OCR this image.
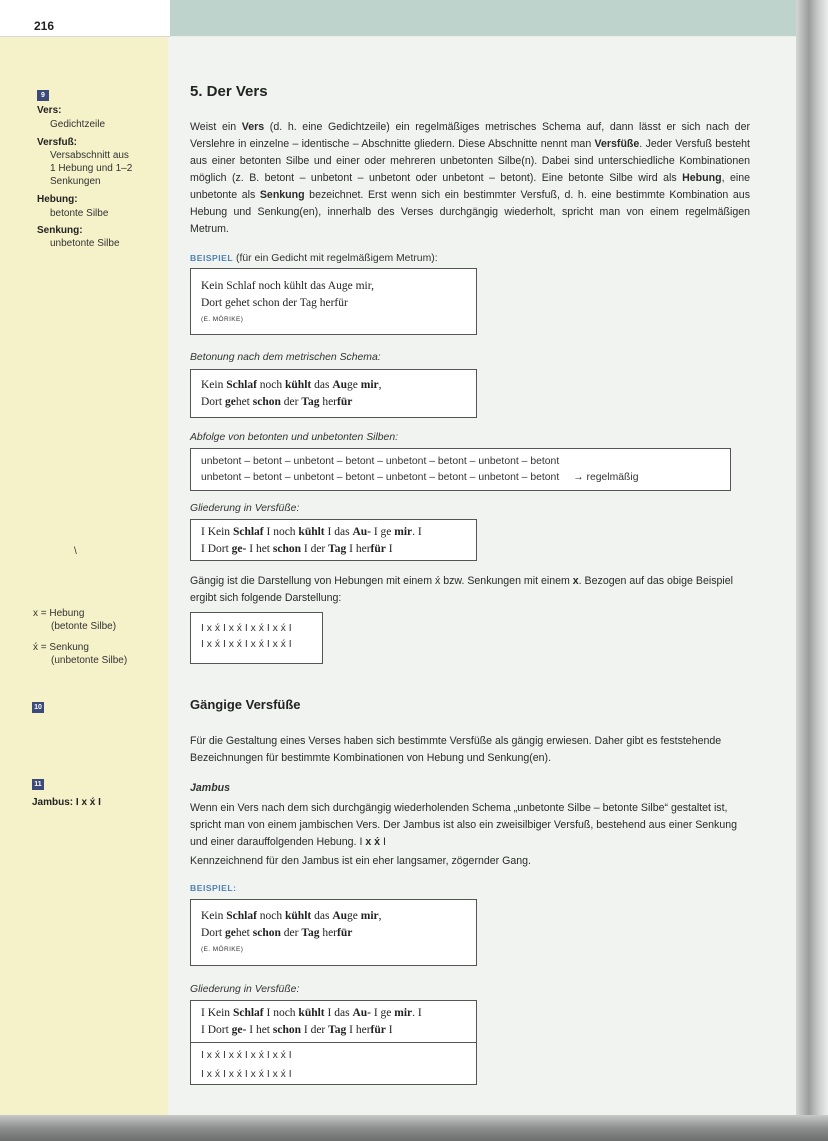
216
9
Vers:
Gedichtzeile
Versfuß:
Versabschnitt aus
1 Hebung und 1–2
Senkungen
Hebung:
betonte Silbe
Senkung:
unbetonte Silbe
\
x = Hebung
(betonte Silbe)
x́ = Senkung
(unbetonte Silbe)
10
11
Jambus: I x x́ I
5. Der Vers
Weist ein Vers (d. h. eine Gedichtzeile) ein regelmäßiges metrisches Schema auf, dann lässt er sich nach der Verslehre in einzelne – identische – Abschnitte gliedern. Diese Abschnitte nennt man Versfüße. Jeder Versfuß besteht aus einer betonten Silbe und einer oder mehreren unbetonten Silbe(n). Dabei sind unterschiedliche Kombinationen möglich (z. B. betont – unbetont – unbetont oder unbetont – betont). Eine betonte Silbe wird als Hebung, eine unbetonte als Senkung bezeichnet. Erst wenn sich ein bestimmter Versfuß, d. h. eine bestimmte Kombination aus Hebung und Senkung(en), innerhalb des Verses durchgängig wiederholt, spricht man von einem regelmäßigen Metrum.
BEISPIEL (für ein Gedicht mit regelmäßigem Metrum):
Kein Schlaf noch kühlt das Auge mir,
Dort gehet schon der Tag herfür
(E. MÖRIKE)
Betonung nach dem metrischen Schema:
Kein Schlaf noch kühlt das Auge mir,
Dort gehet schon der Tag herfür
Abfolge von betonten und unbetonten Silben:
unbetont – betont – unbetont – betont – unbetont – betont – unbetont – betont
unbetont – betont – unbetont – betont – unbetont – betont – unbetont – betont → regelmäßig
Gliederung in Versfüße:
I Kein Schlaf I noch kühlt I das Au- I ge mir. I
I Dort ge- I het schon I der Tag I herfür I
Gängig ist die Darstellung von Hebungen mit einem x́ bzw. Senkungen mit einem x. Bezogen auf das obige Beispiel ergibt sich folgende Darstellung:
I x x́ I x x́ I x x́ I x x́ I
I x x́ I x x́ I x x́ I x x́ I
Gängige Versfüße
Für die Gestaltung eines Verses haben sich bestimmte Versfüße als gängig erwiesen. Daher gibt es feststehende Bezeichnungen für bestimmte Kombinationen von Hebung und Senkung(en).
Jambus
Wenn ein Vers nach dem sich durchgängig wiederholenden Schema „unbetonte Silbe – betonte Silbe“ gestaltet ist, spricht man von einem jambischen Vers. Der Jambus ist also ein zweisilbiger Versfuß, bestehend aus einer Senkung und einer darauffolgenden Hebung. I x x́ I
Kennzeichnend für den Jambus ist ein eher langsamer, zögernder Gang.
BEISPIEL:
Kein Schlaf noch kühlt das Auge mir,
Dort gehet schon der Tag herfür
(E. MÖRIKE)
Gliederung in Versfüße:
I Kein Schlaf I noch kühlt I das Au- I ge mir. I
I Dort ge- I het schon I der Tag I herfür I
I x x́ I x x́ I x x́ I x x́ I
I x x́ I x x́ I x x́ I x x́ I
